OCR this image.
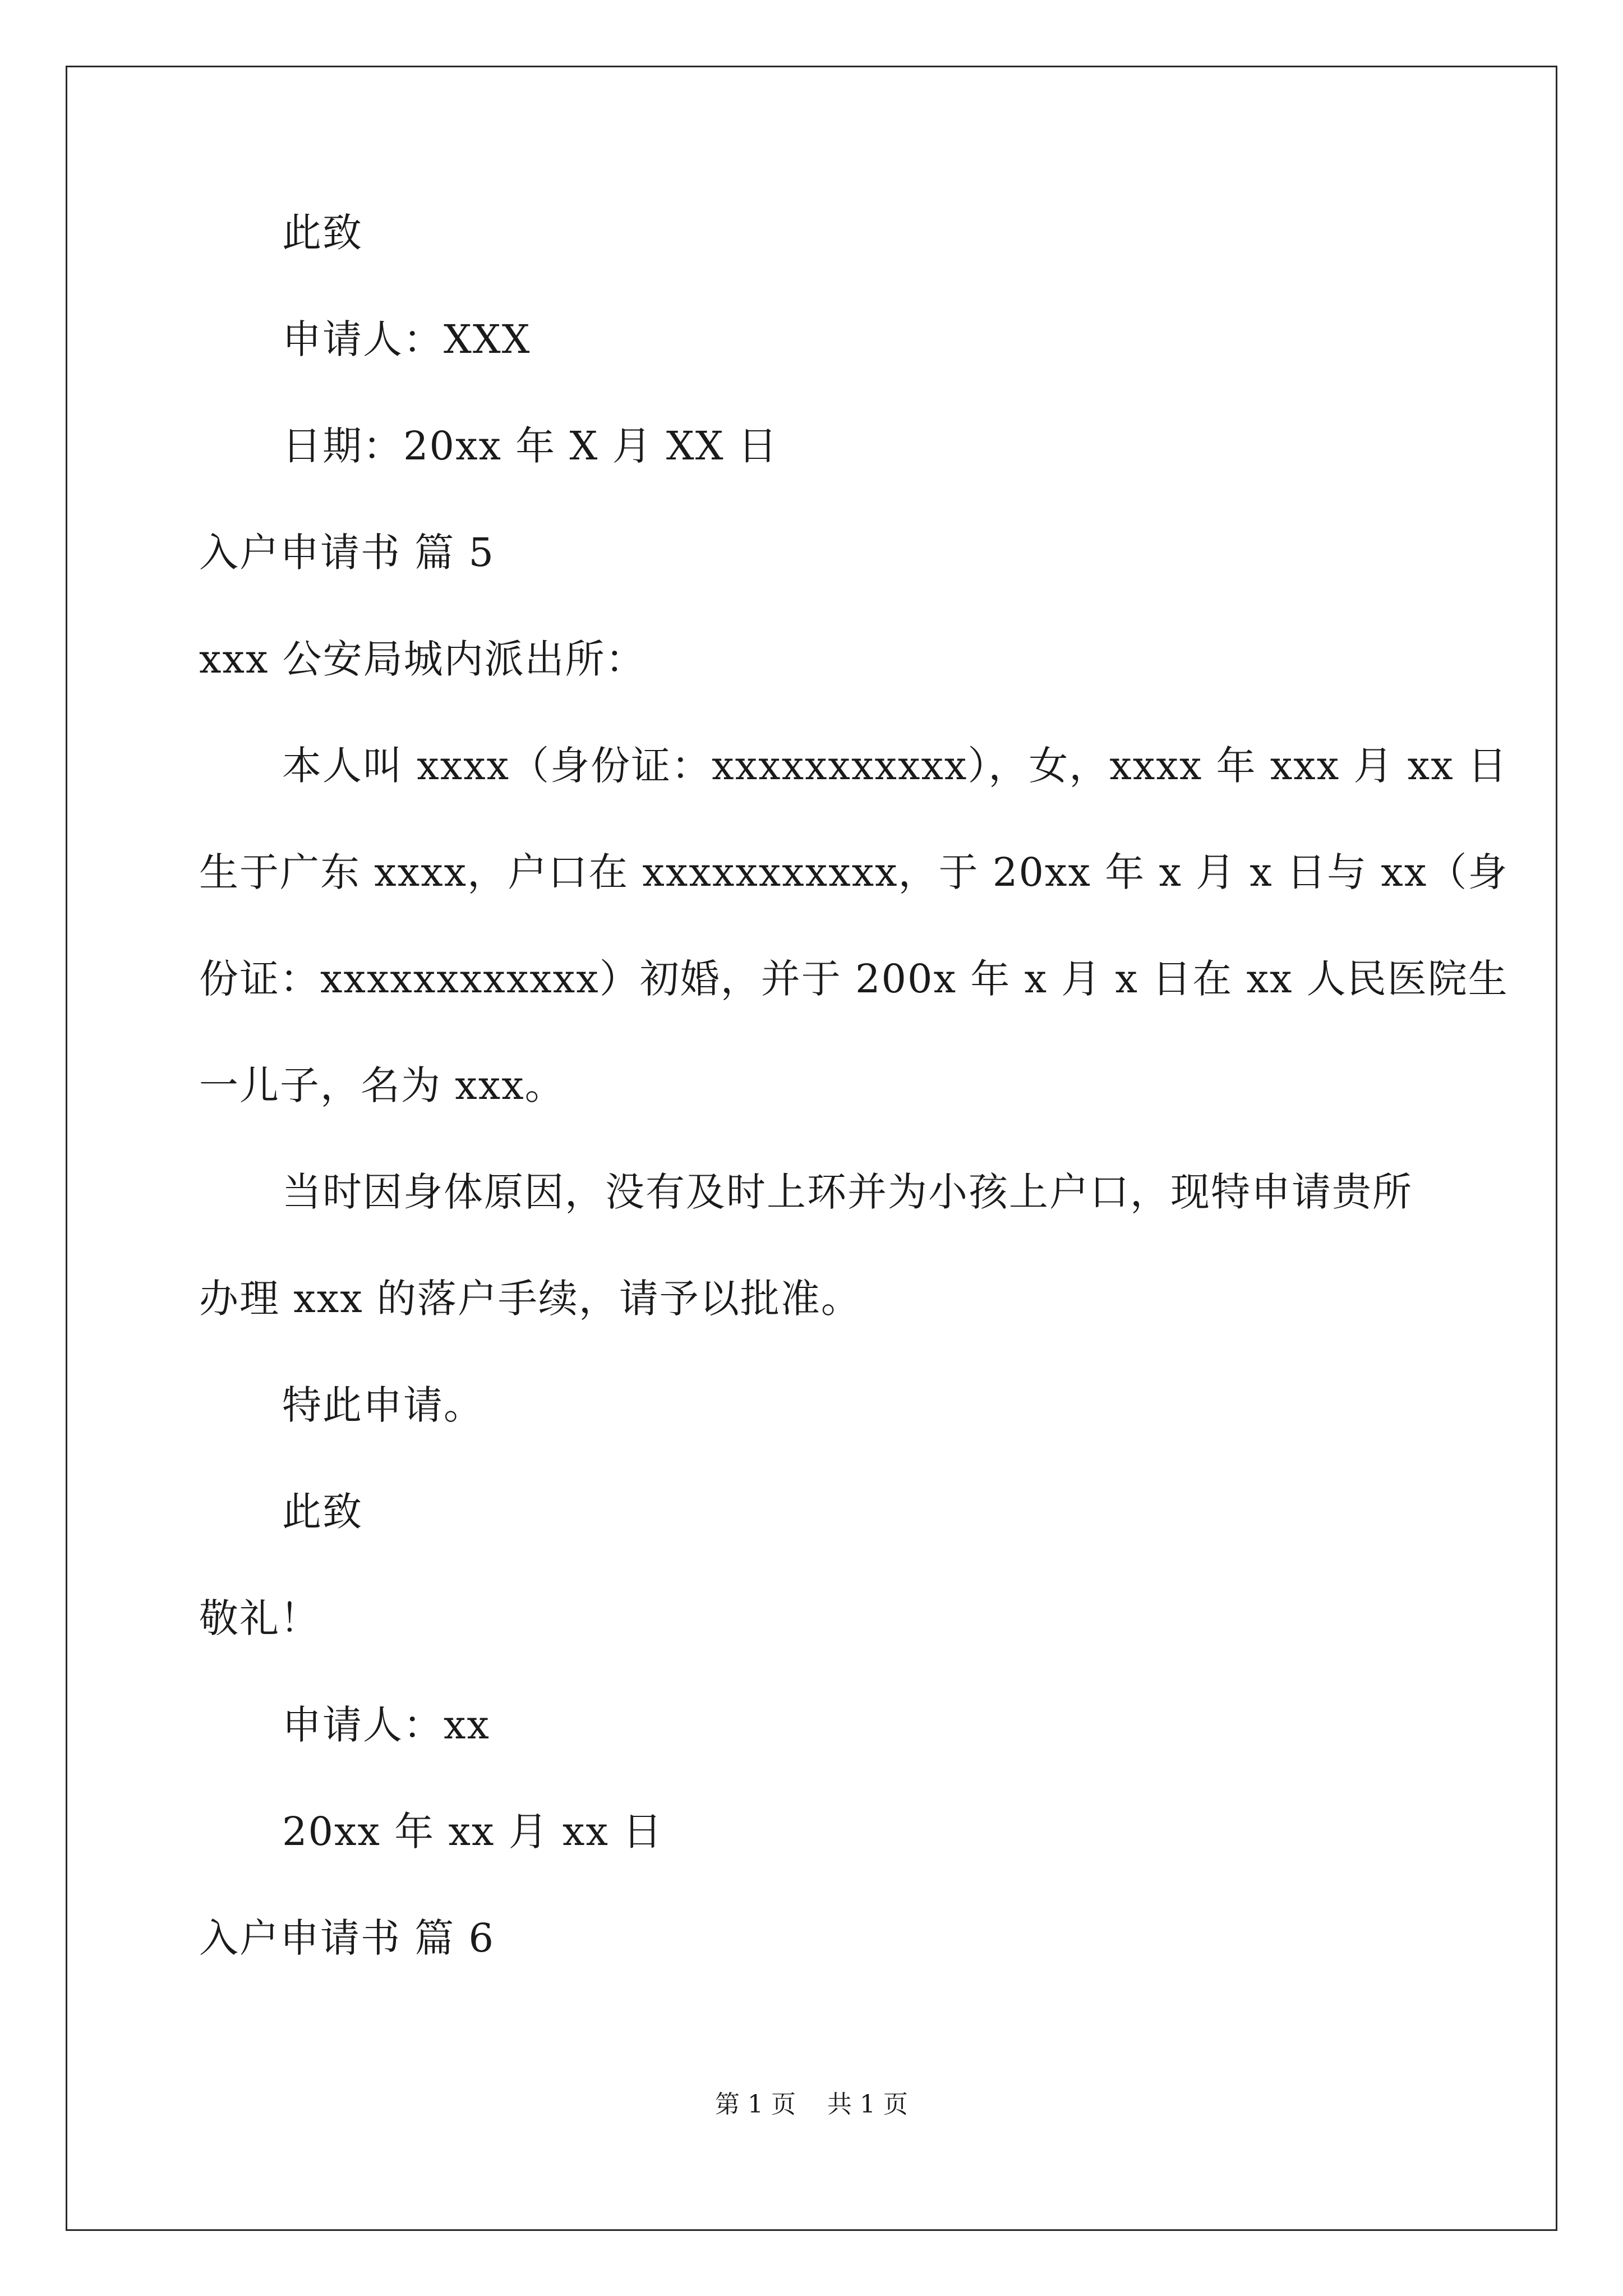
此致
申请人：XXX
日期：20xx 年 X 月 XX 日
入户申请书 篇 5
xxx 公安局城内派出所：
本人叫 xxxx（身份证：xxxxxxxxxxx），女，xxxx 年 xxx 月 xx 日
生于广东 xxxx，户口在 xxxxxxxxxxx，于 20xx 年 x 月 x 日与 xx（身
份证：xxxxxxxxxxxx）初婚，并于 200x 年 x 月 x 日在 xx 人民医院生
一儿子，名为 xxx。
当时因身体原因，没有及时上环并为小孩上户口，现特申请贵所
办理 xxx 的落户手续，请予以批准。
特此申请。
此致
敬礼！
申请人：xx
20xx 年 xx 月 xx 日
入户申请书 篇 6
第 1 页    共 1 页
